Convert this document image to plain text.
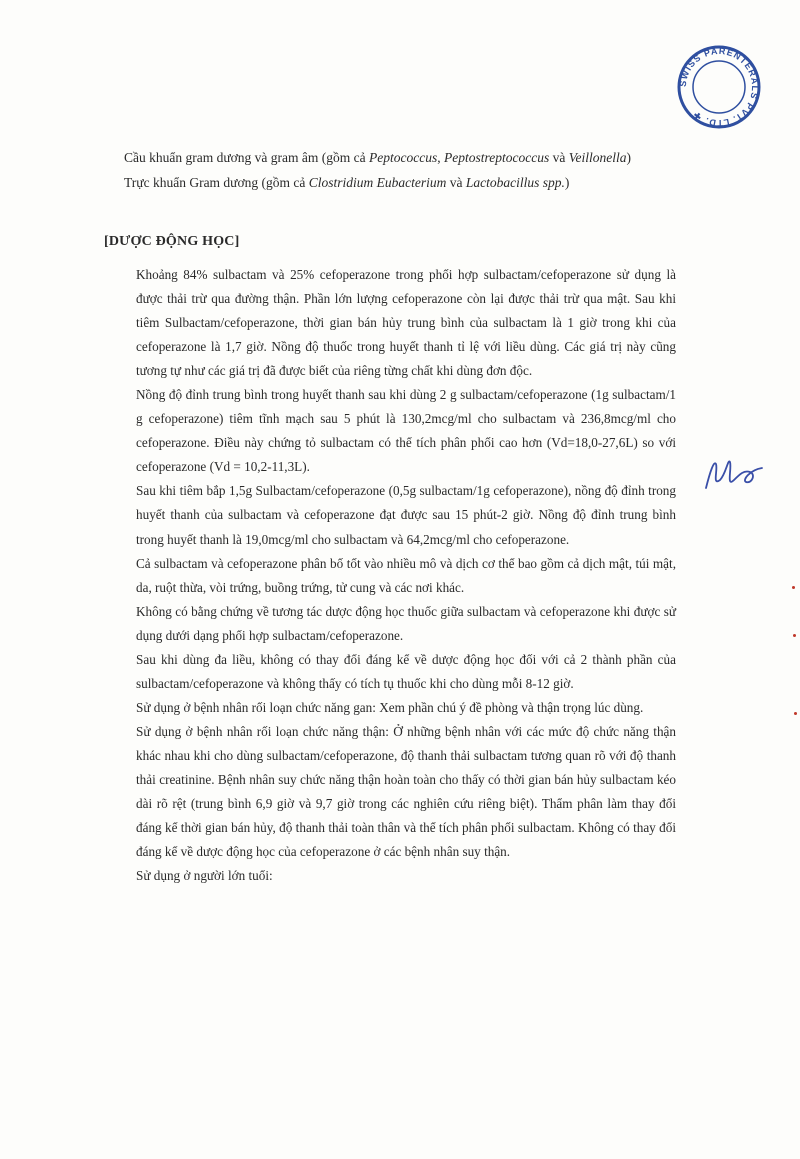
SWISS PARENTERALS PVT. LTD. ✚

Cầu khuẩn gram dương và gram âm (gồm cả Peptococcus, Peptostreptococcus và Veillonella)

Trực khuẩn Gram dương (gồm cả Clostridium Eubacterium và Lactobacillus spp.)

[DƯỢC ĐỘNG HỌC]

Khoảng 84% sulbactam và 25% cefoperazone trong phối hợp sulbactam/cefoperazone sử dụng là được thải trừ qua đường thận. Phần lớn lượng cefoperazone còn lại được thải trừ qua mật. Sau khi tiêm Sulbactam/cefoperazone, thời gian bán hủy trung bình của sulbactam là 1 giờ trong khi của cefoperazone là 1,7 giờ. Nồng độ thuốc trong huyết thanh tỉ lệ với liều dùng. Các giá trị này cũng tương tự như các giá trị đã được biết của riêng từng chất khi dùng đơn độc.

Nồng độ đỉnh trung bình trong huyết thanh sau khi dùng 2 g sulbactam/cefoperazone (1g sulbactam/1 g cefoperazone) tiêm tĩnh mạch sau 5 phút là 130,2mcg/ml cho sulbactam và 236,8mcg/ml cho cefoperazone. Điều này chứng tỏ sulbactam có thể tích phân phối cao hơn (Vd=18,0-27,6L) so với cefoperazone (Vd = 10,2-11,3L).

Sau khi tiêm bắp 1,5g Sulbactam/cefoperazone (0,5g sulbactam/1g cefoperazone), nồng độ đỉnh trong huyết thanh của sulbactam và cefoperazone đạt được sau 15 phút-2 giờ. Nồng độ đỉnh trung bình trong huyết thanh là 19,0mcg/ml cho sulbactam và 64,2mcg/ml cho cefoperazone.

Cả sulbactam và cefoperazone phân bố tốt vào nhiều mô và dịch cơ thể bao gồm cả dịch mật, túi mật, da, ruột thừa, vòi trứng, buồng trứng, tử cung và các nơi khác.

Không có bằng chứng về tương tác dược động học thuốc giữa sulbactam và cefoperazone khi được sử dụng dưới dạng phối hợp sulbactam/cefoperazone.

Sau khi dùng đa liều, không có thay đổi đáng kể về dược động học đối với cả 2 thành phần của sulbactam/cefoperazone và không thấy có tích tụ thuốc khi cho dùng mỗi 8-12 giờ.

Sử dụng ở bệnh nhân rối loạn chức năng gan: Xem phần chú ý đề phòng và thận trọng lúc dùng.

Sử dụng ở bệnh nhân rối loạn chức năng thận: Ở những bệnh nhân với các mức độ chức năng thận khác nhau khi cho dùng sulbactam/cefoperazone, độ thanh thải sulbactam tương quan rõ với độ thanh thải creatinine. Bệnh nhân suy chức năng thận hoàn toàn cho thấy có thời gian bán hủy sulbactam kéo dài rõ rệt (trung bình 6,9 giờ và 9,7 giờ trong các nghiên cứu riêng biệt). Thẩm phân làm thay đổi đáng kể thời gian bán hủy, độ thanh thải toàn thân và thể tích phân phối sulbactam. Không có thay đổi đáng kể về dược động học của cefoperazone ở các bệnh nhân suy thận.

Sử dụng ở người lớn tuổi:
